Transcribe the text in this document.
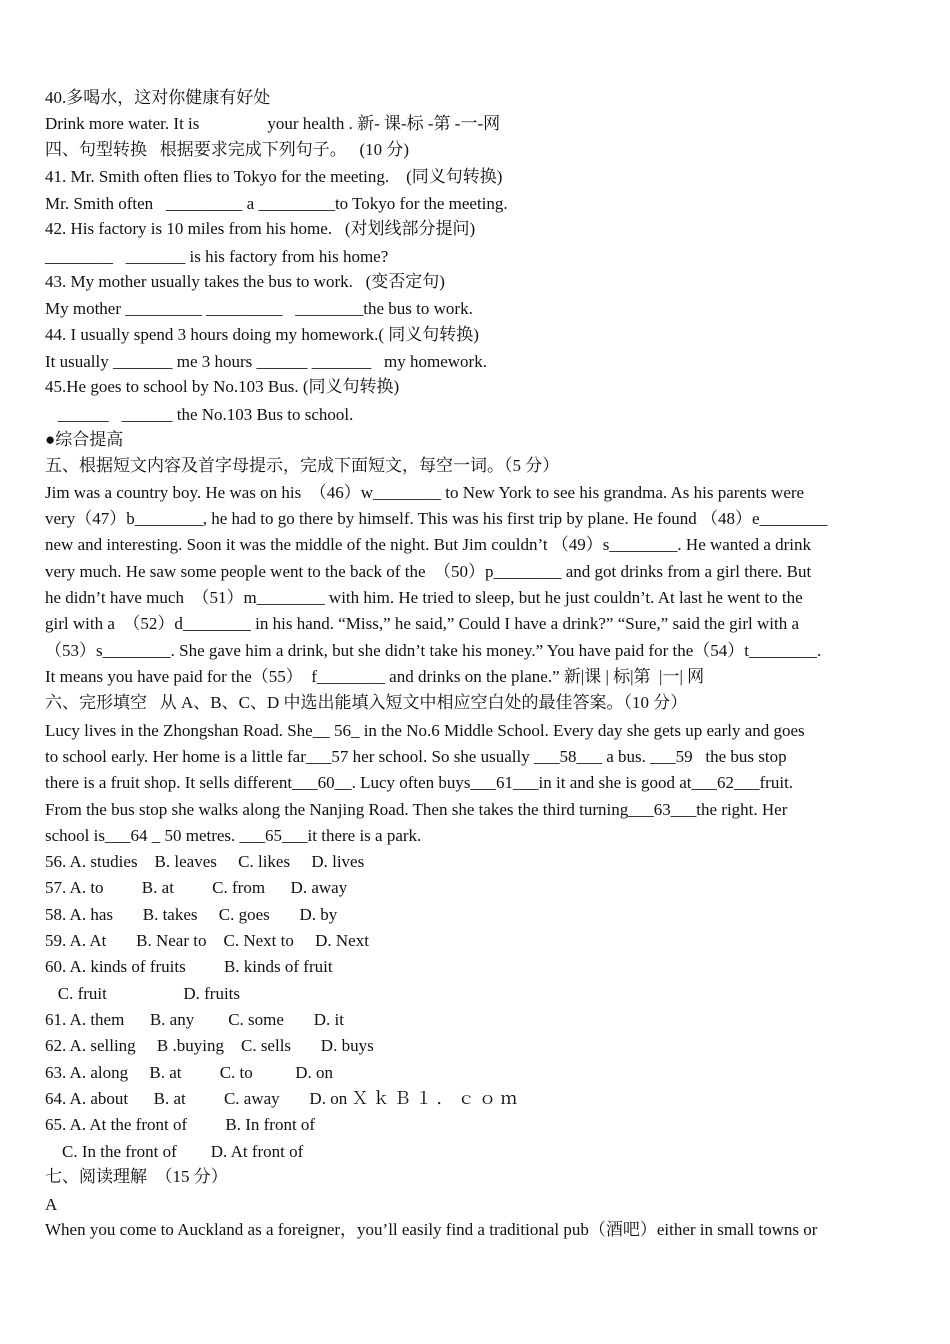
40.多喝水，这对你健康有好处
Drink more water. It is                your health . 新- 课-标 -第 -一-网
四、句型转换   根据要求完成下列句子。   (10 分)
41. Mr. Smith often flies to Tokyo for the meeting.    (同义句转换)
Mr. Smith often   _________ a _________to Tokyo for the meeting.
42. His factory is 10 miles from his home.   (对划线部分提问)
________   _______ is his factory from his home?
43. My mother usually takes the bus to work.   (变否定句)
My mother _________ _________   ________the bus to work.
44. I usually spend 3 hours doing my homework.( 同义句转换)
It usually _______ me 3 hours ______ _______   my homework.
45.He goes to school by No.103 Bus. (同义句转换)
______   ______ the No.103 Bus to school.
●综合提高
五、根据短文内容及首字母提示，完成下面短文，每空一词。（5 分）
Jim was a country boy. He was on his  （46）w________ to New York to see his grandma. As his parents were
very（47）b________, he had to go there by himself. This was his first trip by plane. He found （48）e________
new and interesting. Soon it was the middle of the night. But Jim couldn’t （49）s________. He wanted a drink
very much. He saw some people went to the back of the  （50）p________ and got drinks from a girl there. But
he didn’t have much  （51）m________ with him. He tried to sleep, but he just couldn’t. At last he went to the
girl with a  （52）d________ in his hand. “Miss,” he said,” Could I have a drink?” “Sure,” said the girl with a
（53）s________. She gave him a drink, but she didn’t take his money.” You have paid for the（54）t________.
It means you have paid for the（55）  f________ and drinks on the plane.” 新|课 | 标|第  |一| 网
六、完形填空   从 A、B、C、D 中选出能填入短文中相应空白处的最佳答案。（10 分）
Lucy lives in the Zhongshan Road. She__ 56_ in the No.6 Middle School. Every day she gets up early and goes
to school early. Her home is a little far___57 her school. So she usually ___58___ a bus. ___59   the bus stop
there is a fruit shop. It sells different___60__. Lucy often buys___61___in it and she is good at___62___fruit.
From the bus stop she walks along the Nanjing Road. Then she takes the third turning___63___the right. Her
school is___64 _ 50 metres. ___65___it there is a park.
56. A. studies    B. leaves     C. likes     D. lives
57. A. to         B. at         C. from      D. away
58. A. has       B. takes     C. goes       D. by
59. A. At       B. Near to    C. Next to     D. Next
60. A. kinds of fruits         B. kinds of fruit
C. fruit                  D. fruits
61. A. them      B. any        C. some       D. it
62. A. selling     B .buying    C. sells       D. buys
63. A. along     B. at         C. to          D. on
64. A. about      B. at         C. away       D. on Ｘ ｋ Ｂ １ ． ｃ ｏ ｍ
65. A. At the front of         B. In front of
C. In the front of        D. At front of
七、阅读理解  （15 分）
A
When you come to Auckland as a foreigner，you’ll easily find a traditional pub（酒吧）either in small towns or
